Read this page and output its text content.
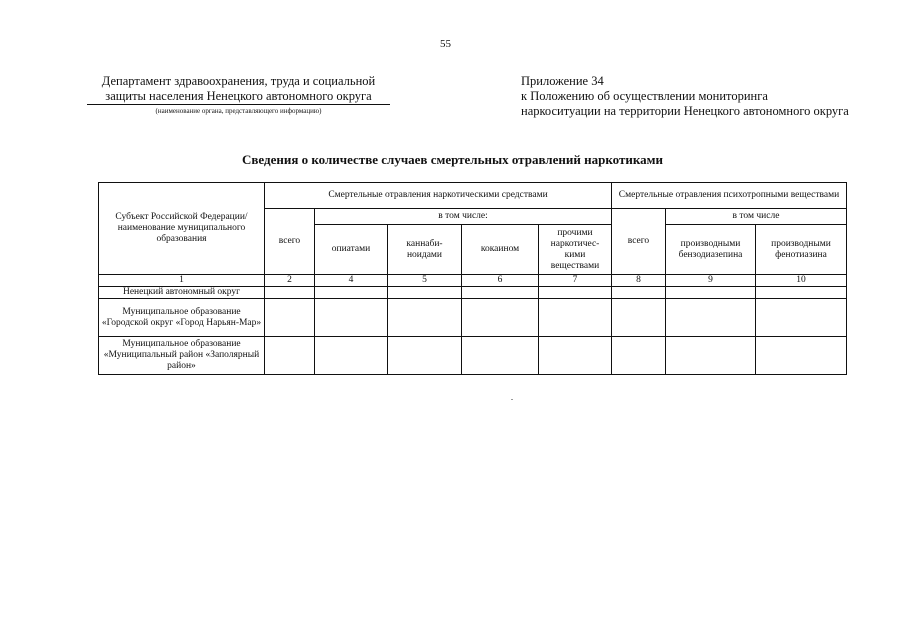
55
Департамент здравоохранения, труда и социальной
защиты населения Ненецкого автономного округа
(наименование органа, представляющего информацию)
Приложение 34
к Положению об осуществлении мониторинга
наркоситуации на территории Ненецкого автономного округа
Сведения о количестве случаев смертельных отравлений наркотиками
Субъект Российской Федерации/ наименование муниципального образования	Смертельные отравления наркотическими средствами					Смертельные отравления психотропными веществами		
	всего	в том числе:				всего	в том числе	
		опиатами	каннаби-ноидами	кокаином	прочими наркотичес-кими веществами		производными бензодиазепина	производными фенотиазина
1	2	4	5	6	7	8	9	10
Ненецкий автономный округ								
Муниципальное образование «Городской округ «Город Нарьян-Мар»								
Муниципальное образование «Муниципальный район «Заполярный район»								
